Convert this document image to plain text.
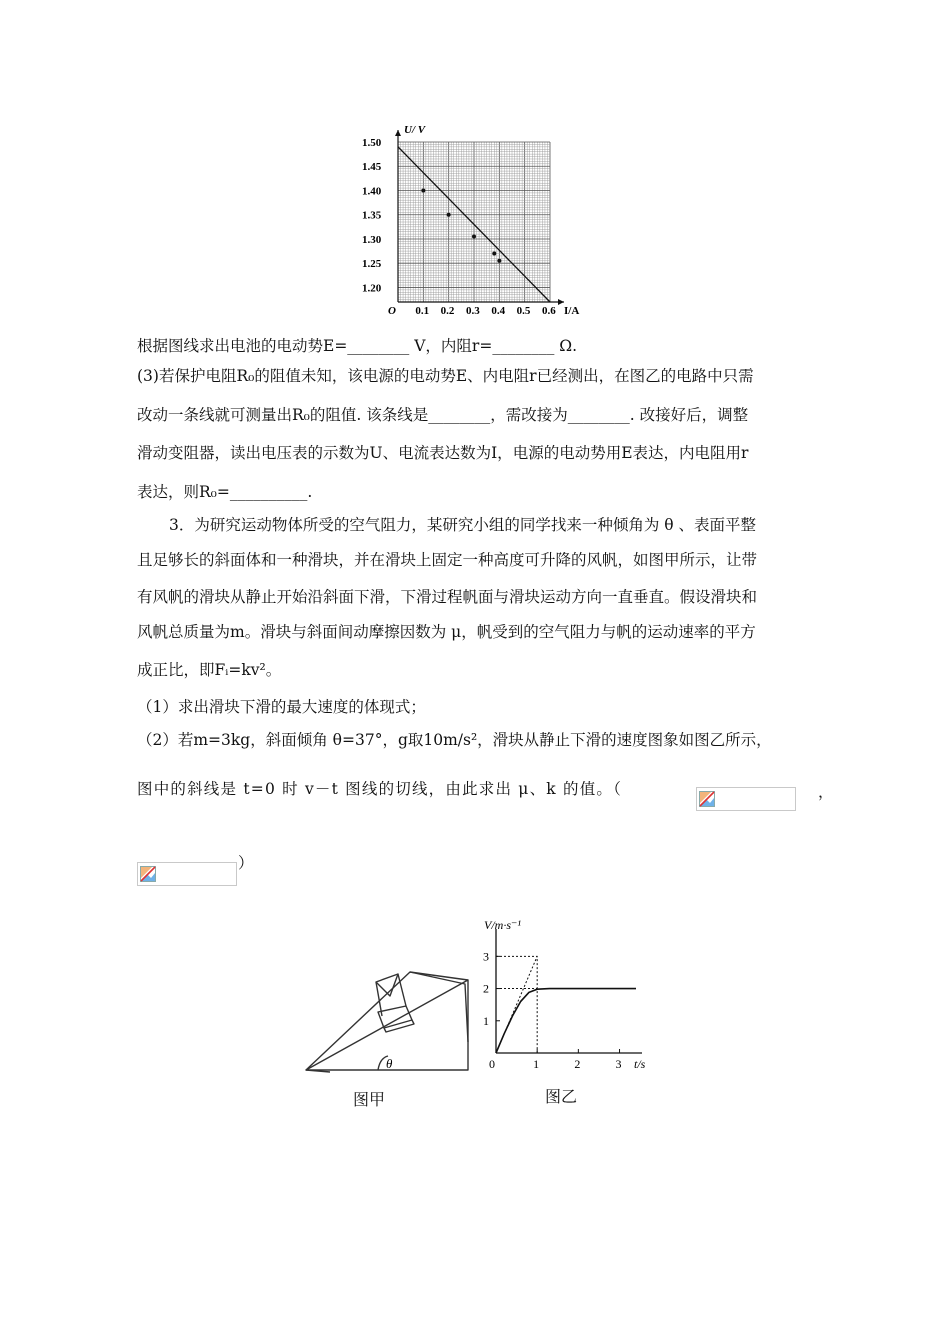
0.1 0.2 0.3 0.4 0.5 0.6
1.50
1.45
1.40
1.35
1.30
1.25
1.20
U/ V
O	I/A
根据图线求出电池的电动势E=________ V，内阻r=________ Ω.
(3)若保护电阻R₀的阻值未知，该电源的电动势E、内电阻r已经测出，在图乙的电路中只需
改动一条线就可测量出R₀的阻值. 该条线是________，需改接为________. 改接好后，调整
滑动变阻器，读出电压表的示数为U、电流表达数为I，电源的电动势用E表达，内电阻用r
表达，则R₀=__________.
3．为研究运动物体所受的空气阻力，某研究小组的同学找来一种倾角为 θ 、表面平整
且足够长的斜面体和一种滑块，并在滑块上固定一种高度可升降的风帆，如图甲所示，让带
有风帆的滑块从静止开始沿斜面下滑，下滑过程帆面与滑块运动方向一直垂直。假设滑块和
风帆总质量为m。滑块与斜面间动摩擦因数为 μ，帆受到的空气阻力与帆的运动速率的平方
成正比，即Fᵢ=kv²。
（1）求出滑块下滑的最大速度的体现式；
（2）若m=3kg，斜面倾角 θ=37°，g取10m/s²，滑块从静止下滑的速度图象如图乙所示，
图中的斜线是 t=0 时 v－t 图线的切线，由此求出 μ、k 的值。（	，
）
θ	1	2	3
1
2
3
V/m·s⁻¹
0	t/s
图甲	图乙
